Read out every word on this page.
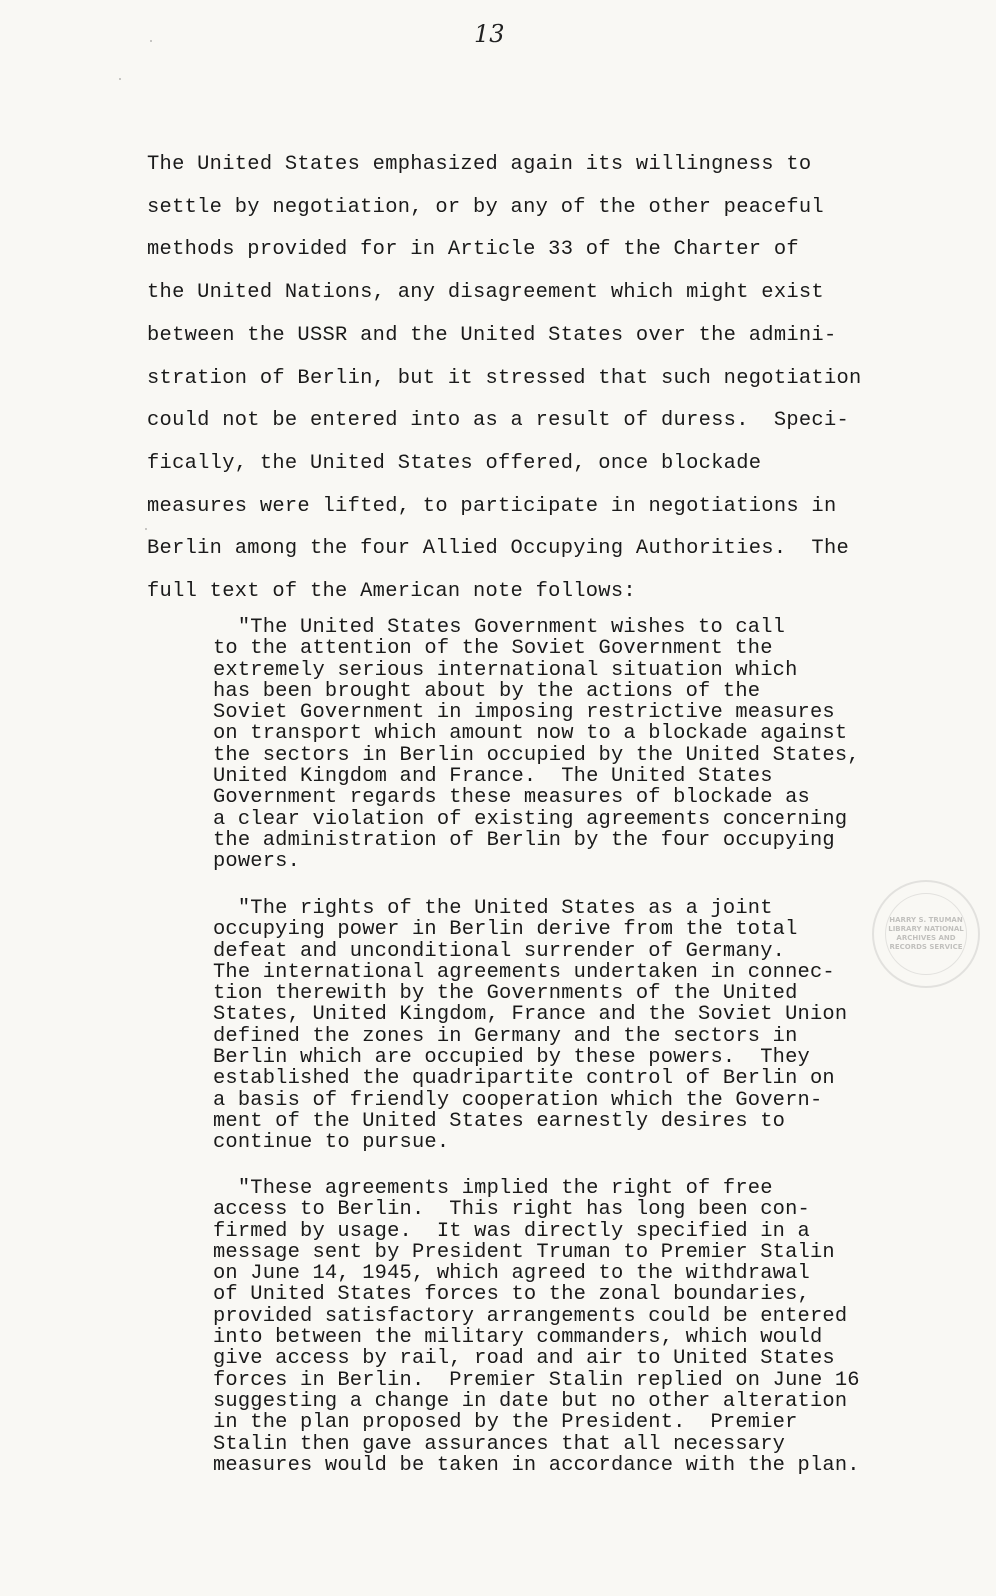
13
The United States emphasized again its willingness to
settle by negotiation, or by any of the other peaceful
methods provided for in Article 33 of the Charter of
the United Nations, any disagreement which might exist
between the USSR and the United States over the admini-
stration of Berlin, but it stressed that such negotiation
could not be entered into as a result of duress.  Speci-
fically, the United States offered, once blockade
measures were lifted, to participate in negotiations in
Berlin among the four Allied Occupying Authorities.  The
full text of the American note follows:
"The United States Government wishes to call
to the attention of the Soviet Government the
extremely serious international situation which
has been brought about by the actions of the
Soviet Government in imposing restrictive measures
on transport which amount now to a blockade against
the sectors in Berlin occupied by the United States,
United Kingdom and France.  The United States
Government regards these measures of blockade as
a clear violation of existing agreements concerning
the administration of Berlin by the four occupying
powers.
"The rights of the United States as a joint
occupying power in Berlin derive from the total
defeat and unconditional surrender of Germany.
The international agreements undertaken in connec-
tion therewith by the Governments of the United
States, United Kingdom, France and the Soviet Union
defined the zones in Germany and the sectors in
Berlin which are occupied by these powers.  They
established the quadripartite control of Berlin on
a basis of friendly cooperation which the Govern-
ment of the United States earnestly desires to
continue to pursue.
"These agreements implied the right of free
access to Berlin.  This right has long been con-
firmed by usage.  It was directly specified in a
message sent by President Truman to Premier Stalin
on June 14, 1945, which agreed to the withdrawal
of United States forces to the zonal boundaries,
provided satisfactory arrangements could be entered
into between the military commanders, which would
give access by rail, road and air to United States
forces in Berlin.  Premier Stalin replied on June 16
suggesting a change in date but no other alteration
in the plan proposed by the President.  Premier
Stalin then gave assurances that all necessary
measures would be taken in accordance with the plan.
HARRY S. TRUMAN LIBRARY NATIONAL ARCHIVES AND RECORDS SERVICE
